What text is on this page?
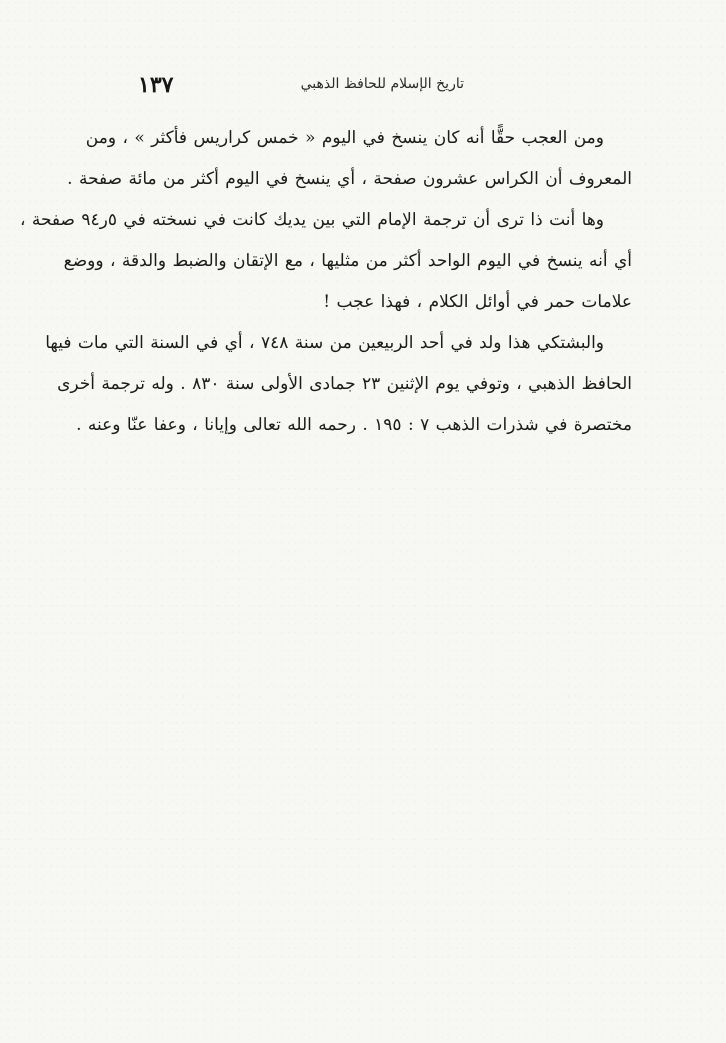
تاريخ الإسلام للحافظ الذهبي
١٣٧

ومن العجب حقًّا أنه كان ينسخ في اليوم « خمس كراريس فأكثر » ، ومن
المعروف أن الكراس عشرون صفحة ، أي ينسخ في اليوم أكثر من مائة صفحة .
وها أنت ذا ترى أن ترجمة الإمام التي بين يديك كانت في نسخته في ٥ر٩٤ صفحة ،
أي أنه ينسخ في اليوم الواحد أكثر من مثليها ، مع الإتقان والضبط والدقة ، ووضع
علامات حمر في أوائل الكلام ، فهذا عجب !

والبشتكي هذا ولد في أحد الربيعين من سنة ٧٤٨ ، أي في السنة التي مات فيها
الحافظ الذهبي ، وتوفي يوم الإثنين ٢٣ جمادى الأولى سنة ٨٣٠ . وله ترجمة أخرى
مختصرة في شذرات الذهب ٧ : ١٩٥ . رحمه الله تعالى وإيانا ، وعفا عنّا وعنه .
